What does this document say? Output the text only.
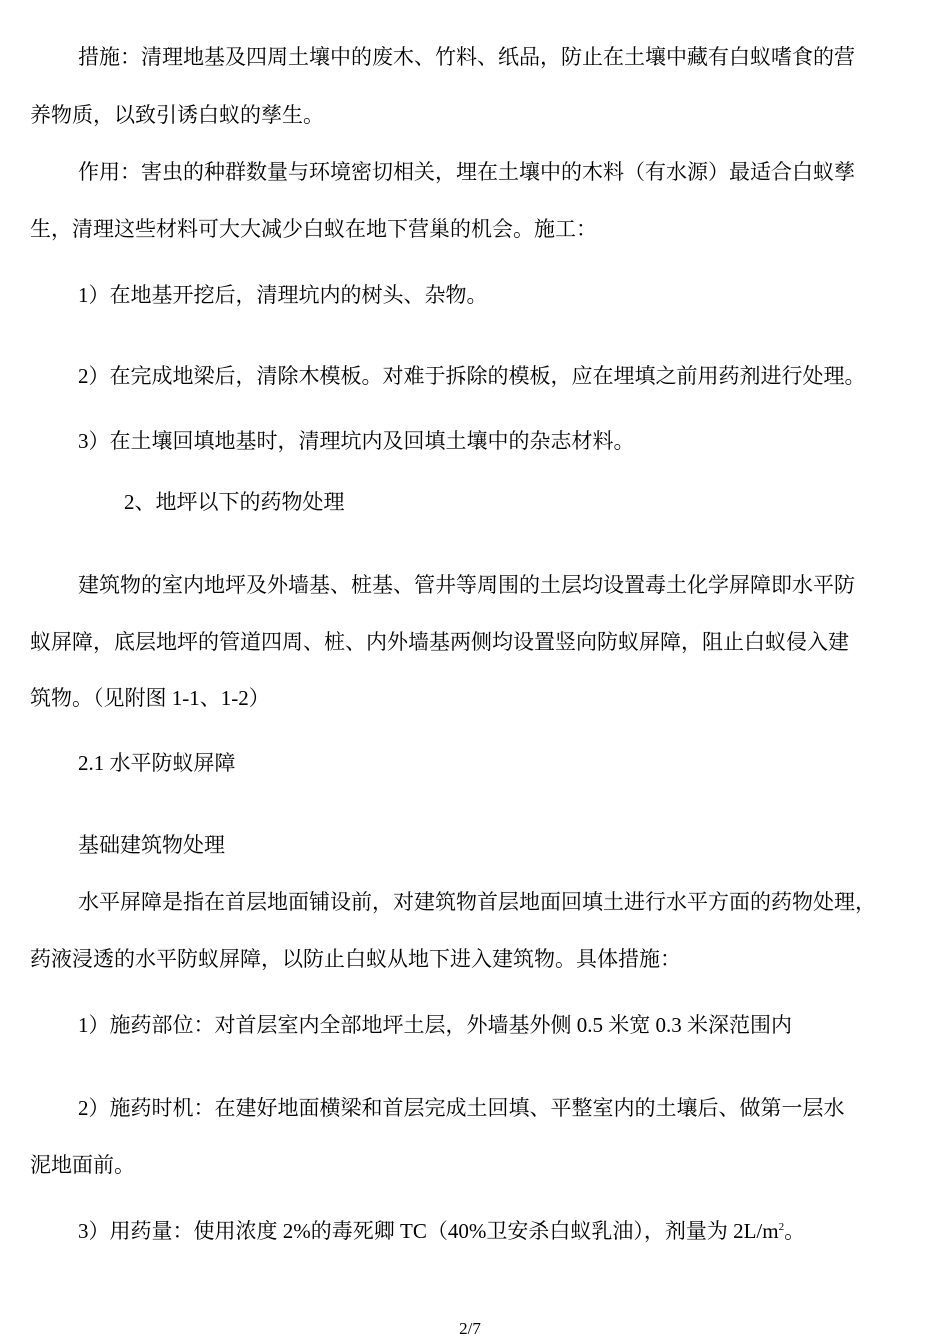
措施：清理地基及四周土壤中的废木、竹料、纸品，防止在土壤中藏有白蚁嗜食的营

养物质，以致引诱白蚁的孳生。

作用：害虫的种群数量与环境密切相关，埋在土壤中的木料（有水源）最适合白蚁孳

生，清理这些材料可大大减少白蚁在地下营巢的机会。施工：

1）在地基开挖后，清理坑内的树头、杂物。

2）在完成地梁后，清除木模板。对难于拆除的模板，应在埋填之前用药剂进行处理。

3）在土壤回填地基时，清理坑内及回填土壤中的杂志材料。

2、地坪以下的药物处理

建筑物的室内地坪及外墙基、桩基、管井等周围的土层均设置毒土化学屏障即水平防

蚁屏障，底层地坪的管道四周、桩、内外墙基两侧均设置竖向防蚁屏障，阻止白蚁侵入建

筑物。（见附图 1-1、1-2）

2.1 水平防蚁屏障

基础建筑物处理

水平屏障是指在首层地面铺设前，对建筑物首层地面回填土进行水平方面的药物处理，

药液浸透的水平防蚁屏障，以防止白蚁从地下进入建筑物。具体措施：

1）施药部位：对首层室内全部地坪土层，外墙基外侧 0.5 米宽 0.3 米深范围内

2）施药时机：在建好地面横梁和首层完成土回填、平整室内的土壤后、做第一层水

泥地面前。

3）用药量：使用浓度 2%的毒死卿 TC（40%卫安杀白蚁乳油），剂量为 $2L/m^2$。

2/7
